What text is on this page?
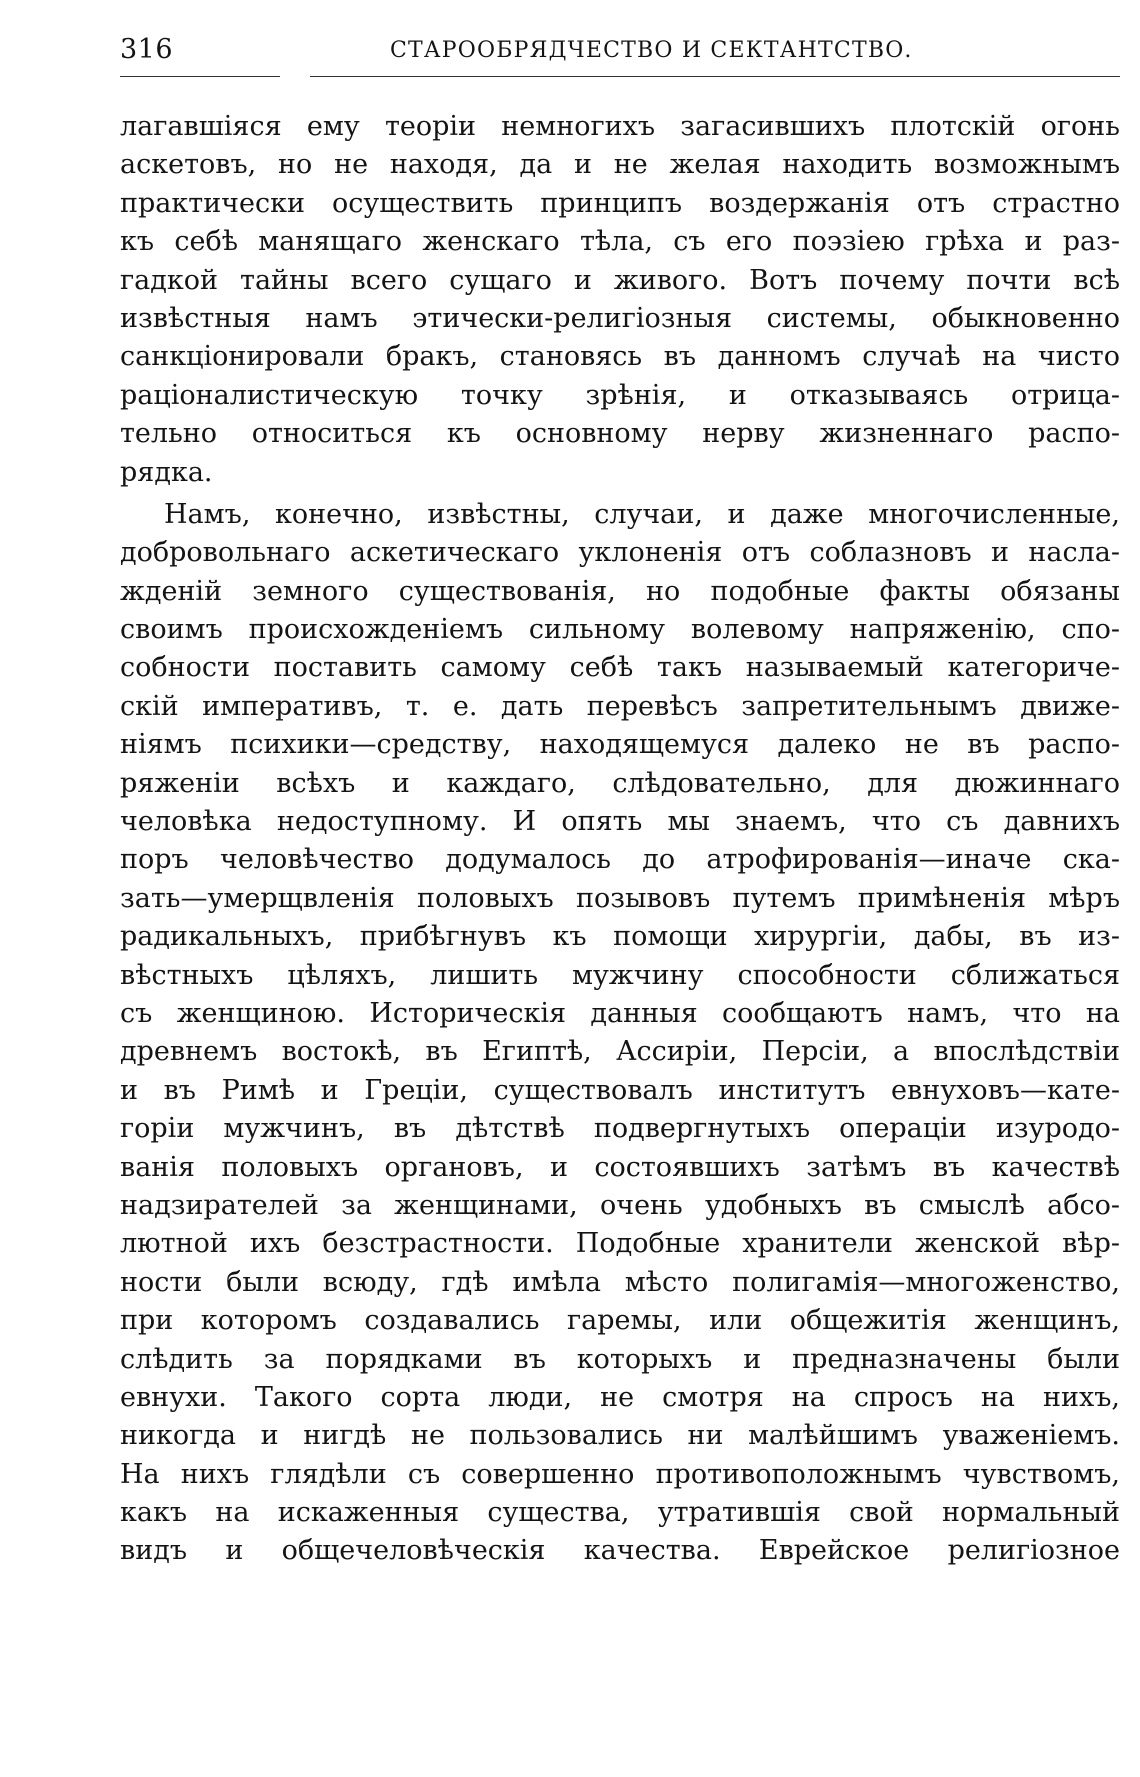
316	СТАРООБРЯДЧЕСТВО И СЕКТАНТСТВО.
лагавшіяся ему теоріи немногихъ загасившихъ плотскій огонь
аскетовъ, но не находя, да и не желая находить возможнымъ
практически осуществить принципъ воздержанія отъ страстно
къ себѣ манящаго женскаго тѣла, съ его поэзіею грѣха и раз-
гадкой тайны всего сущаго и живого. Вотъ почему почти всѣ
извѣстныя намъ этически-религіозныя системы, обыкновенно
санкціонировали бракъ, становясь въ данномъ случаѣ на чисто
раціоналистическую точку зрѣнія, и отказываясь отрица-
тельно относиться къ основному нерву жизненнаго распо-
рядка.
Намъ, конечно, извѣстны, случаи, и даже многочисленные,
добровольнаго аскетическаго уклоненія отъ соблазновъ и насла-
жденій земного существованія, но подобные факты обязаны
своимъ происхожденіемъ сильному волевому напряженію, спо-
собности поставить самому себѣ такъ называемый категориче-
скій императивъ, т. е. дать перевѣсъ запретительнымъ движе-
ніямъ психики—средству, находящемуся далеко не въ распо-
ряженіи всѣхъ и каждаго, слѣдовательно, для дюжиннаго
человѣка недоступному. И опять мы знаемъ, что съ давнихъ
поръ человѣчество додумалось до атрофированія—иначе ска-
зать—умерщвленія половыхъ позывовъ путемъ примѣненія мѣръ
радикальныхъ, прибѣгнувъ къ помощи хирургіи, дабы, въ из-
вѣстныхъ цѣляхъ, лишить мужчину способности сближаться
съ женщиною. Историческія данныя сообщаютъ намъ, что на
древнемъ востокѣ, въ Египтѣ, Ассиріи, Персіи, а впослѣдствіи
и въ Римѣ и Греціи, существовалъ институтъ евнуховъ—кате-
горіи мужчинъ, въ дѣтствѣ подвергнутыхъ операціи изуродо-
ванія половыхъ органовъ, и состоявшихъ затѣмъ въ качествѣ
надзирателей за женщинами, очень удобныхъ въ смыслѣ абсо-
лютной ихъ безстрастности. Подобные хранители женской вѣр-
ности были всюду, гдѣ имѣла мѣсто полигамія—многоженство,
при которомъ создавались гаремы, или общежитія женщинъ,
слѣдить за порядками въ которыхъ и предназначены были
евнухи. Такого сорта люди, не смотря на спросъ на нихъ,
никогда и нигдѣ не пользовались ни малѣйшимъ уваженіемъ.
На нихъ глядѣли съ совершенно противоположнымъ чувствомъ,
какъ на искаженныя существа, утратившія свой нормальный
видъ и общечеловѣческія качества. Еврейское религіозное
